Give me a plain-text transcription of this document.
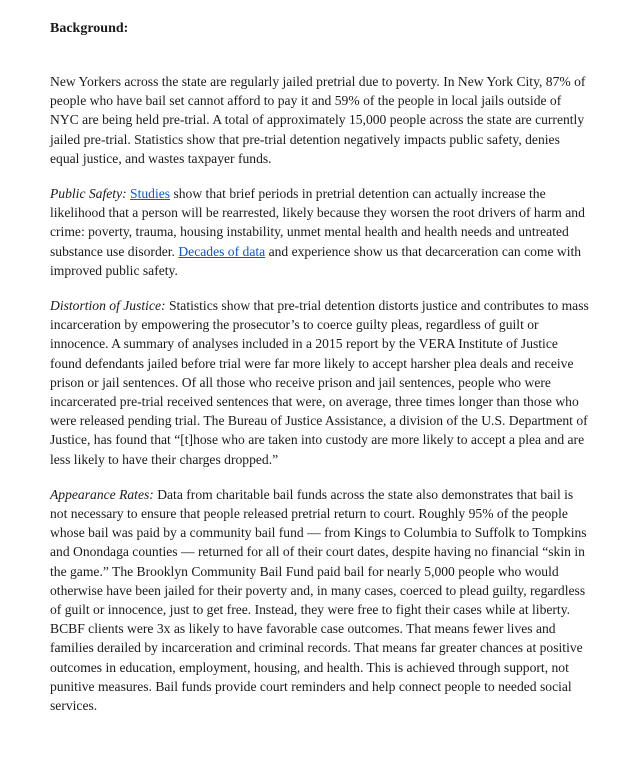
Background:

New Yorkers across the state are regularly jailed pretrial due to poverty. In New York City, 87% of people who have bail set cannot afford to pay it and 59% of the people in local jails outside of NYC are being held pre-trial. A total of approximately 15,000 people across the state are currently jailed pre-trial. Statistics show that pre-trial detention negatively impacts public safety, denies equal justice, and wastes taxpayer funds.

Public Safety: Studies show that brief periods in pretrial detention can actually increase the likelihood that a person will be rearrested, likely because they worsen the root drivers of harm and crime: poverty, trauma, housing instability, unmet mental health and health needs and untreated substance use disorder. Decades of data and experience show us that decarceration can come with improved public safety.

Distortion of Justice: Statistics show that pre-trial detention distorts justice and contributes to mass incarceration by empowering the prosecutor’s to coerce guilty pleas, regardless of guilt or innocence. A summary of analyses included in a 2015 report by the VERA Institute of Justice found defendants jailed before trial were far more likely to accept harsher plea deals and receive prison or jail sentences. Of all those who receive prison and jail sentences, people who were incarcerated pre-trial received sentences that were, on average, three times longer than those who were released pending trial. The Bureau of Justice Assistance, a division of the U.S. Department of Justice, has found that “[t]hose who are taken into custody are more likely to accept a plea and are less likely to have their charges dropped.”

Appearance Rates: Data from charitable bail funds across the state also demonstrates that bail is not necessary to ensure that people released pretrial return to court. Roughly 95% of the people whose bail was paid by a community bail fund — from Kings to Columbia to Suffolk to Tompkins and Onondaga counties — returned for all of their court dates, despite having no financial “skin in the game.” The Brooklyn Community Bail Fund paid bail for nearly 5,000 people who would otherwise have been jailed for their poverty and, in many cases, coerced to plead guilty, regardless of guilt or innocence, just to get free. Instead, they were free to fight their cases while at liberty. BCBF clients were 3x as likely to have favorable case outcomes. That means fewer lives and families derailed by incarceration and criminal records. That means far greater chances at positive outcomes in education, employment, housing, and health. This is achieved through support, not punitive measures. Bail funds provide court reminders and help connect people to needed social services.
